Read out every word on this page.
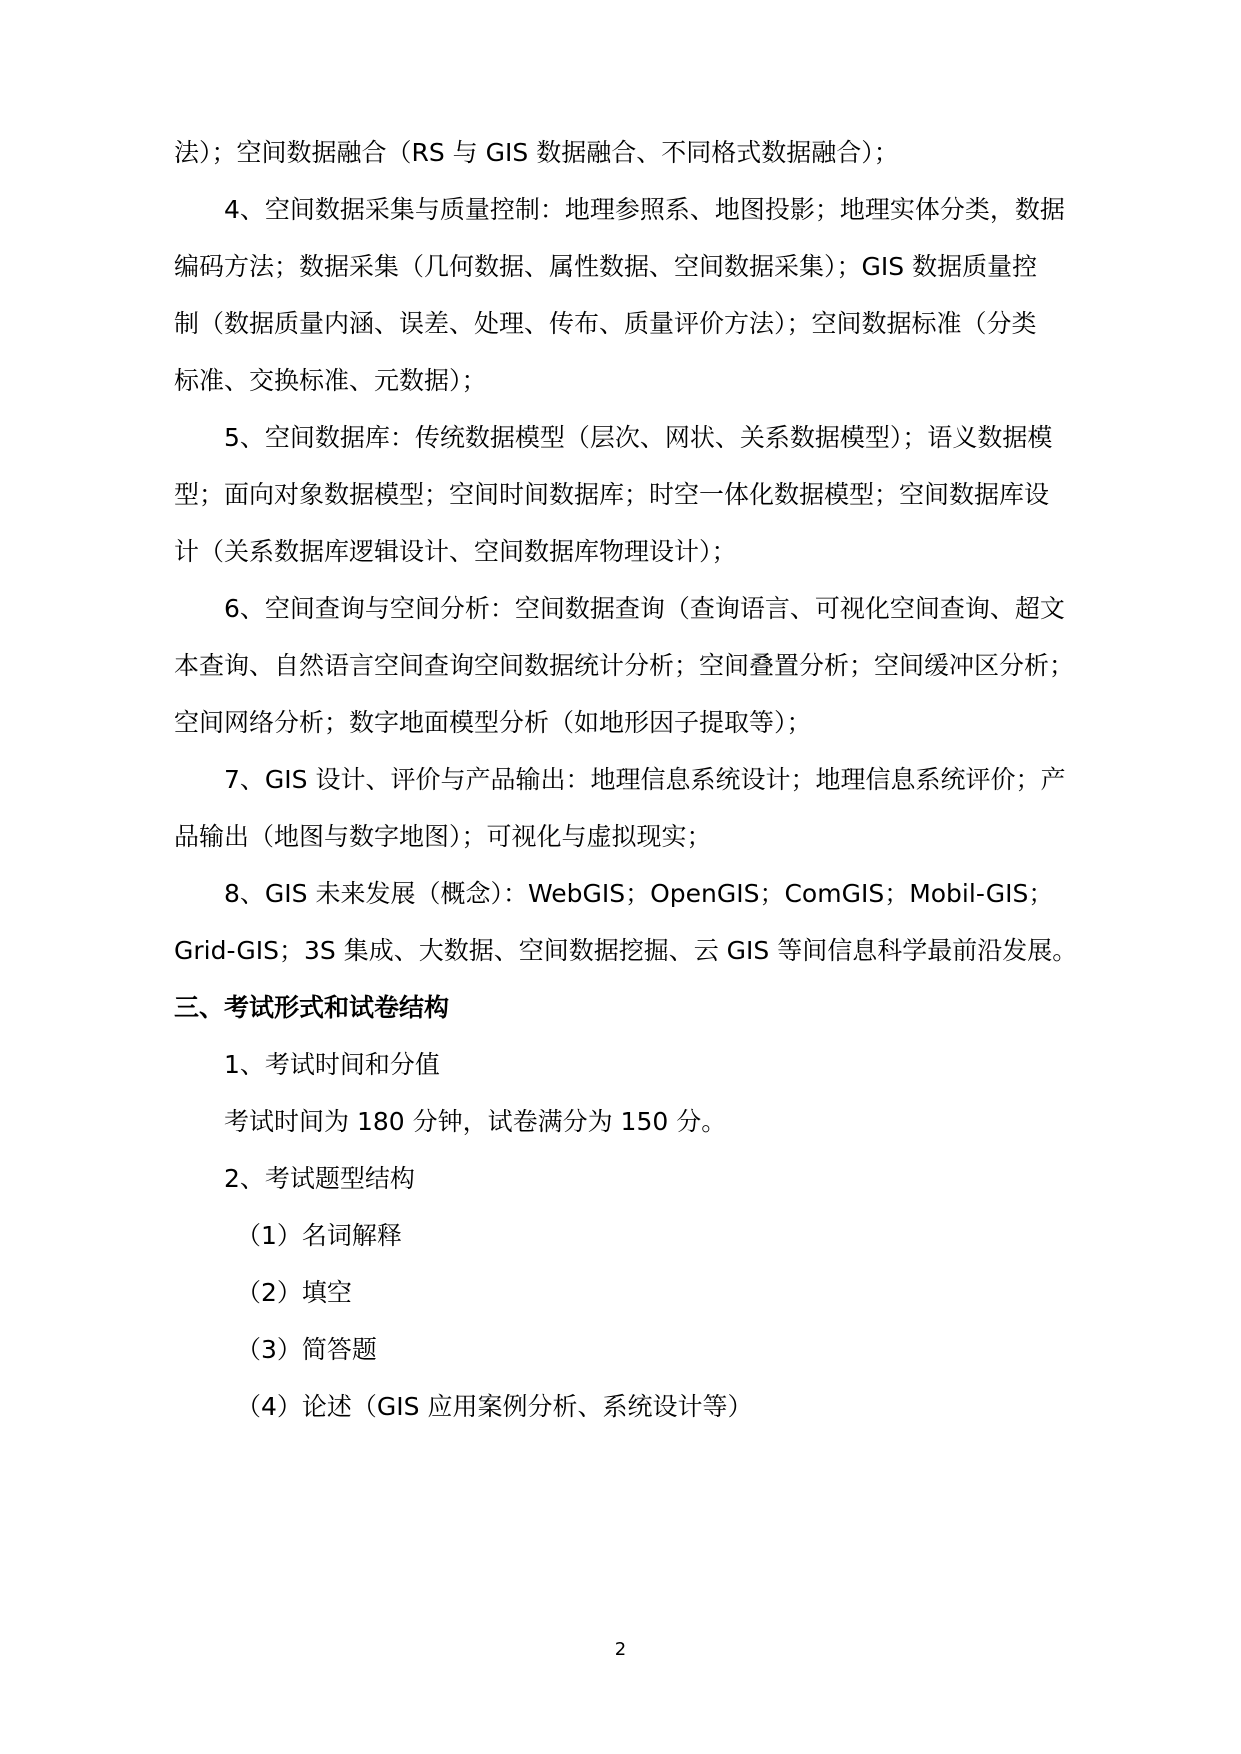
法）；空间数据融合（RS 与 GIS 数据融合、不同格式数据融合）；
4、空间数据采集与质量控制：地理参照系、地图投影；地理实体分类，数据
编码方法；数据采集（几何数据、属性数据、空间数据采集）；GIS 数据质量控
制（数据质量内涵、误差、处理、传布、质量评价方法）；空间数据标准（分类
标准、交换标准、元数据）；
5、空间数据库：传统数据模型（层次、网状、关系数据模型）；语义数据模
型；面向对象数据模型；空间时间数据库；时空一体化数据模型；空间数据库设
计（关系数据库逻辑设计、空间数据库物理设计）；
6、空间查询与空间分析：空间数据查询（查询语言、可视化空间查询、超文
本查询、自然语言空间查询空间数据统计分析；空间叠置分析；空间缓冲区分析；
空间网络分析；数字地面模型分析（如地形因子提取等）；
7、GIS 设计、评价与产品输出：地理信息系统设计；地理信息系统评价；产
品输出（地图与数字地图）；可视化与虚拟现实；
8、GIS 未来发展（概念）：WebGIS；OpenGIS；ComGIS；Mobil-GIS；
Grid-GIS；3S 集成、大数据、空间数据挖掘、云 GIS 等间信息科学最前沿发展。
三、考试形式和试卷结构
1、考试时间和分值
考试时间为 180 分钟，试卷满分为 150 分。
2、考试题型结构
（1）名词解释
（2）填空
（3）简答题
（4）论述（GIS 应用案例分析、系统设计等）
2
